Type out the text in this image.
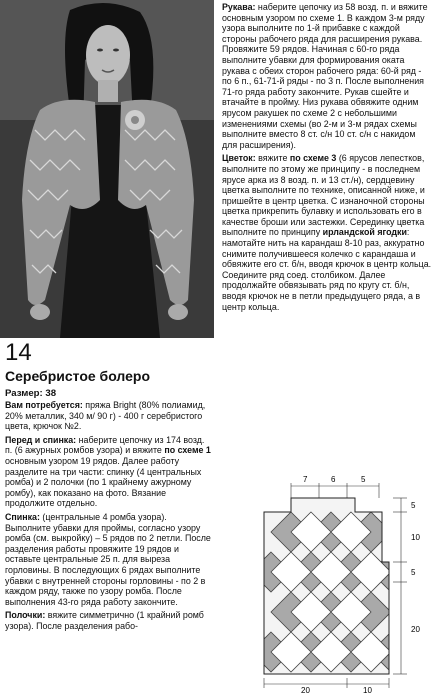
14
Серебристое болеро
Размер: 38

Вам потребуется: пряжа Bright (80% полиамид, 20% металлик, 340 м/ 90 г) - 400 г серебристого цвета, крючок №2.

Перед и спинка: наберите цепочку из 174 возд. п. (6 ажурных ромбов узора) и вяжите по схеме 1 основным узором 19 рядов. Далее работу разделите на три части: спинку (4 центральных ромба) и 2 полочки (по 1 крайнему ажурному ромбу), как показано на фото. Вязание продолжите отдельно.

Спинка: (центральные 4 ромба узора). Выполните убавки для проймы, согласно узору ромба (см. выкройку) – 5 рядов по 2 петли. После разделения работы провяжите 19 рядов и оставьте центральные 25 п. для выреза горловины. В последующих 6 рядах выполните убавки с внутренней стороны горловины - по 2 в каждом ряду, также по узору ромба. После выполнения 43-го ряда работу закончите.

Полочки: вяжите симметрично (1 крайний ромб узора). После разделения рабо-

Рукава: наберите цепочку из 58 возд. п. и вяжите основным узором по схеме 1. В каждом 3-м ряду узора выполните по 1-й прибавке с каждой стороны рабочего ряда для расширения рукава. Провяжите 59 рядов. Начиная с 60-го ряда выполните убавки для формирования оката рукава с обеих сторон рабочего ряда: 60-й ряд - по 6 п., 61-71-й ряды - по 3 п. После выполнения 71-го ряда работу закончите. Рукав сшейте и втачайте в пройму. Низ рукава обвяжите одним ярусом ракушек по схеме 2 с небольшими изменениями схемы (во 2-м и 3-м рядах схемы выполните вместо 8 ст. с/н 10 ст. с/н с накидом для расширения).

Цветок: вяжите по схеме 3 (6 ярусов лепестков, выполните по этому же принципу - в последнем ярусе арка из 8 возд. п. и 13 ст./н), сердцевину цветка выполните по технике, описанной ниже, и пришейте в центр цветка. С изнаночной стороны цветка прикрепить булавку и использовать его в качестве броши или застежки. Серединку цветка выполните по принципу ирландской ягодки: намотайте нить на карандаш 8-10 раз, аккуратно снимите получившееся колечко с карандаша и обвяжите его ст. б/н, вводя крючок в центр кольца. Соедините ряд соед. столбиком. Далее продолжайте обвязывать ряд по кругу ст. б/н, вводя крючок не в петли предыдущего ряда, а в центр кольца.

7	6	5
5
10
5
20
20	10
